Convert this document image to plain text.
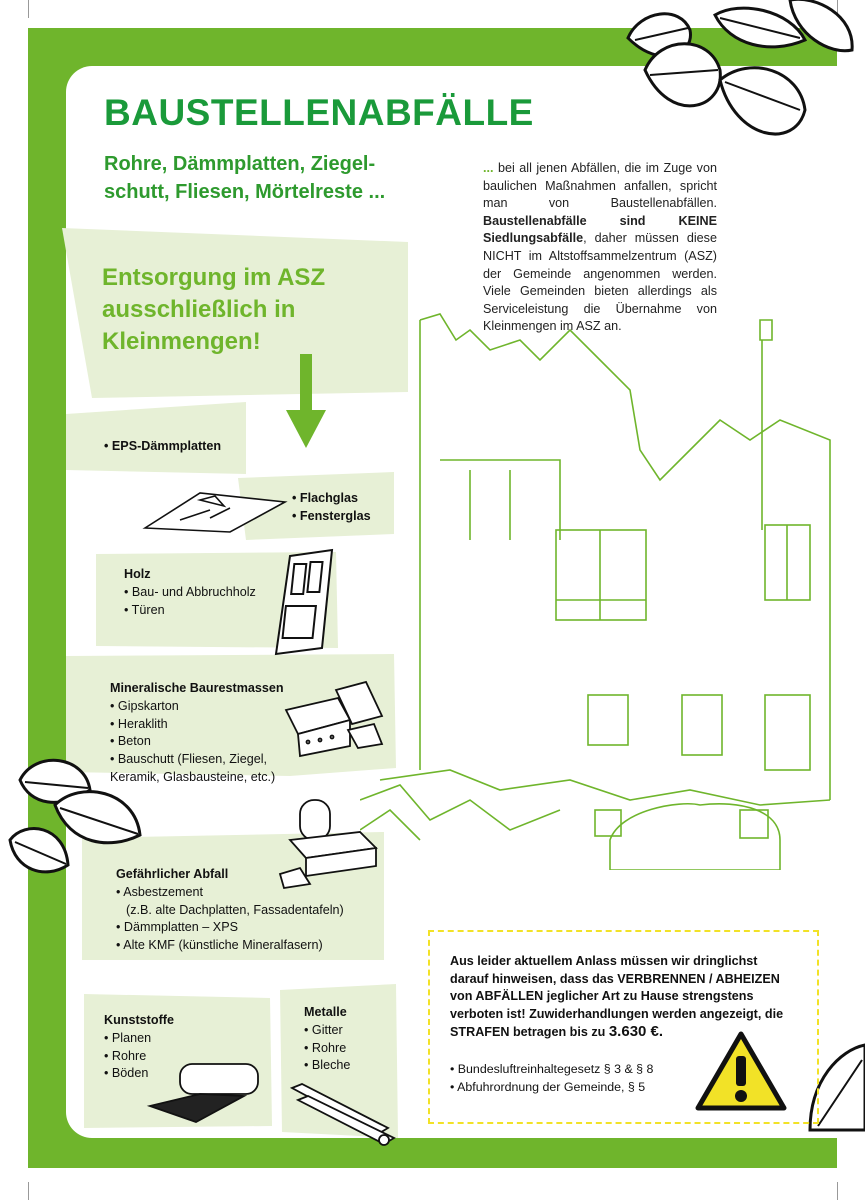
BAUSTELLENABFÄLLE
Rohre, Dämmplatten, Ziegel-
schutt, Fliesen, Mörtelreste ...
... bei all jenen Abfällen, die im Zuge von baulichen Maßnahmen anfallen, spricht man von Baustellenabfällen. Baustellenabfälle sind KEINE Siedlungsabfälle, daher müssen diese NICHT im Altstoffsammelzentrum (ASZ) der Gemeinde angenommen werden. Viele Gemeinden bieten allerdings als Serviceleistung die Übernahme von Kleinmengen im ASZ an.
Entsorgung im ASZ
ausschließlich in
Kleinmengen!
• EPS-Dämmplatten
• Flachglas
• Fensterglas
Holz
• Bau- und Abbruchholz
• Türen
Mineralische Baurestmassen
• Gipskarton
• Heraklith
• Beton
• Bauschutt (Fliesen, Ziegel,
Keramik, Glasbausteine, etc.)
Gefährlicher Abfall
• Asbestzement
(z.B. alte Dachplatten, Fassadentafeln)
• Dämmplatten – XPS
• Alte KMF (künstliche Mineralfasern)
Kunststoffe
• Planen
• Rohre
• Böden
Metalle
• Gitter
• Rohre
• Bleche
Aus leider aktuellem Anlass müssen wir dringlichst darauf hinweisen, dass das VERBRENNEN / ABHEIZEN von ABFÄLLEN jeglicher Art zu Hause strengstens verboten ist! Zuwiderhandlungen werden angezeigt, die STRAFEN betragen bis zu 3.630 €.
• Bundesluftreinhaltegesetz § 3 & § 8
• Abfuhrordnung der Gemeinde, § 5
